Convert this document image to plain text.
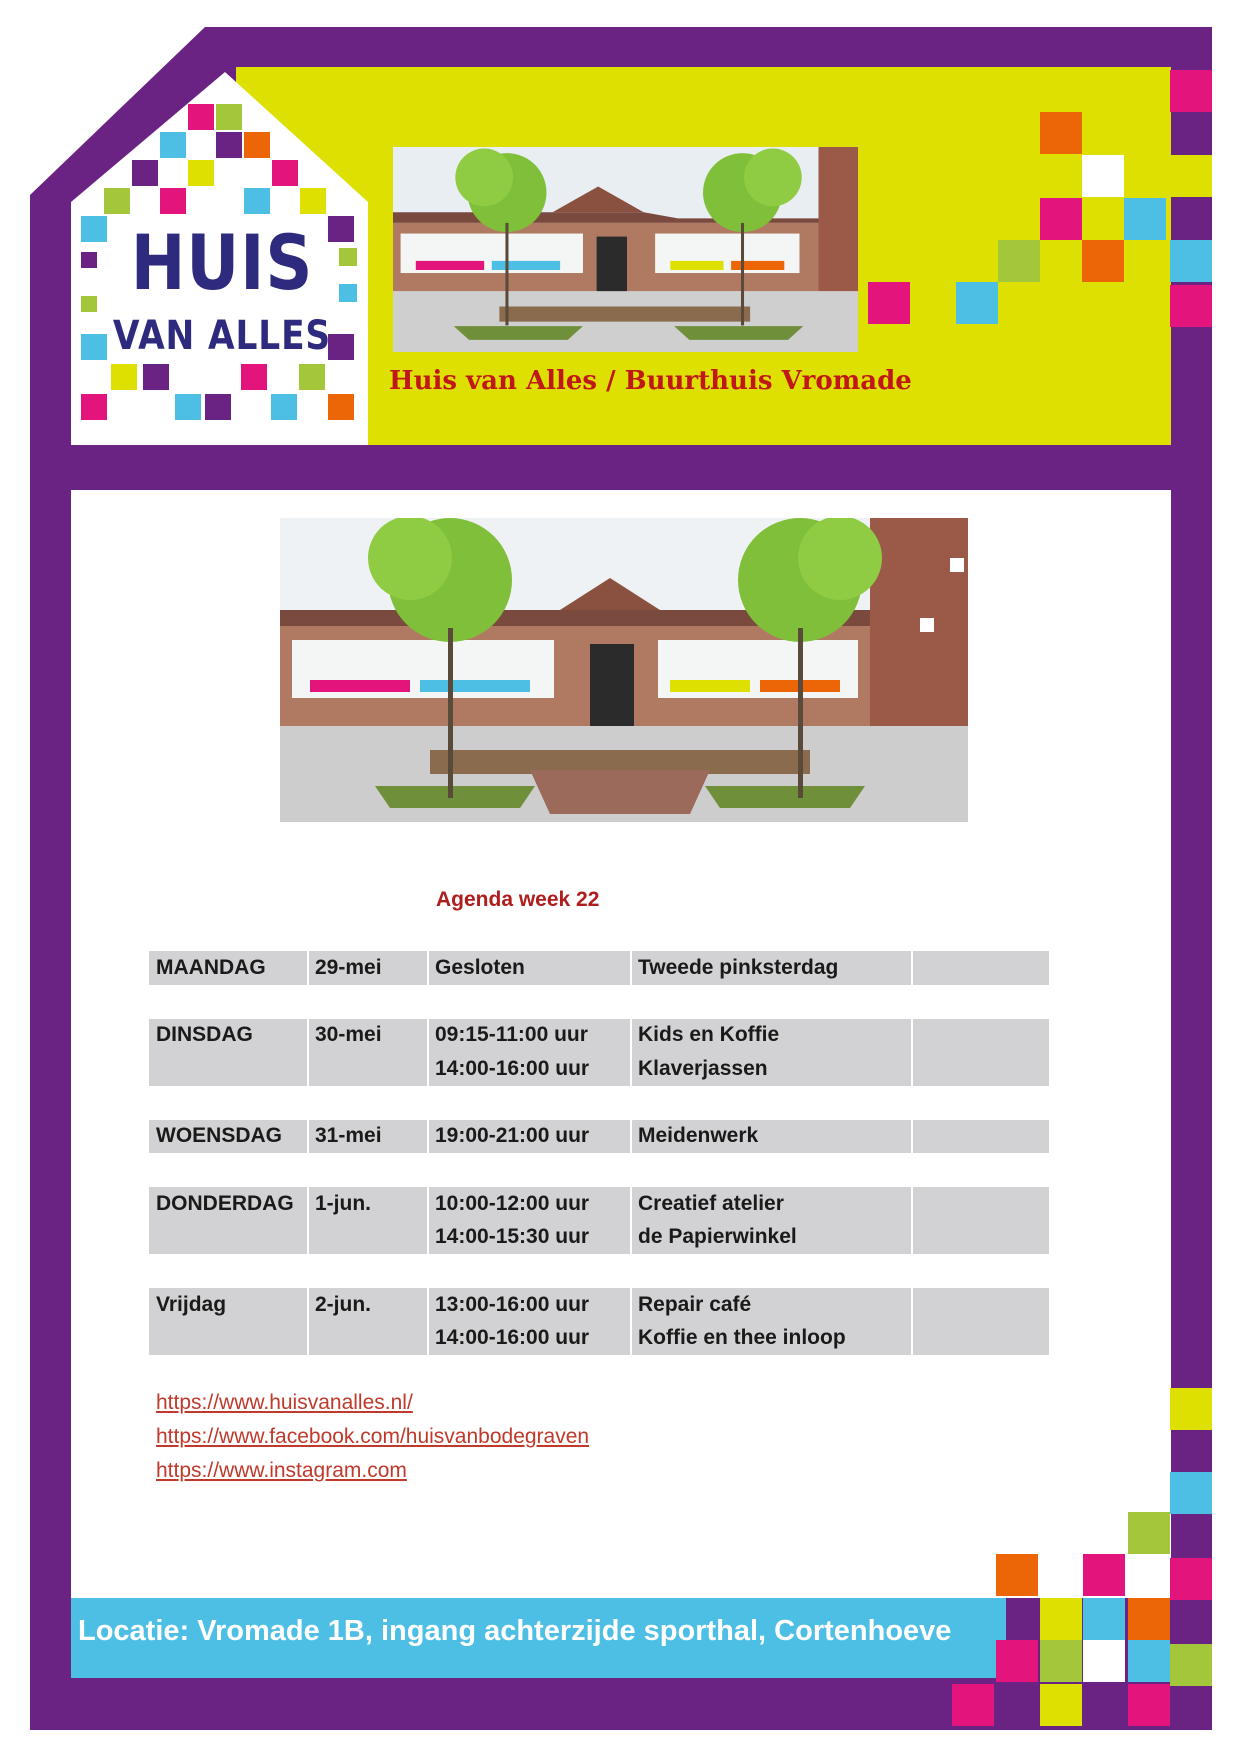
HUIS
VAN ALLES
Huis van Alles / Buurthuis Vromade
Agenda week 22
MAANDAG	29-mei	Gesloten	Tweede pinksterdag
DINSDAG	30-mei	09:15-11:00 uur	Kids en Koffie
14:00-16:00 uur	Klaverjassen
WOENSDAG	31-mei	19:00-21:00 uur	Meidenwerk
DONDERDAG	1-jun.	10:00-12:00 uur	Creatief atelier
14:00-15:30 uur	de Papierwinkel
Vrijdag	2-jun.	13:00-16:00 uur	Repair café
14:00-16:00 uur	Koffie en thee inloop
https://www.huisvanalles.nl/
https://www.facebook.com/huisvanbodegraven
https://www.instagram.com
Locatie: Vromade 1B, ingang achterzijde sporthal, Cortenhoeve
